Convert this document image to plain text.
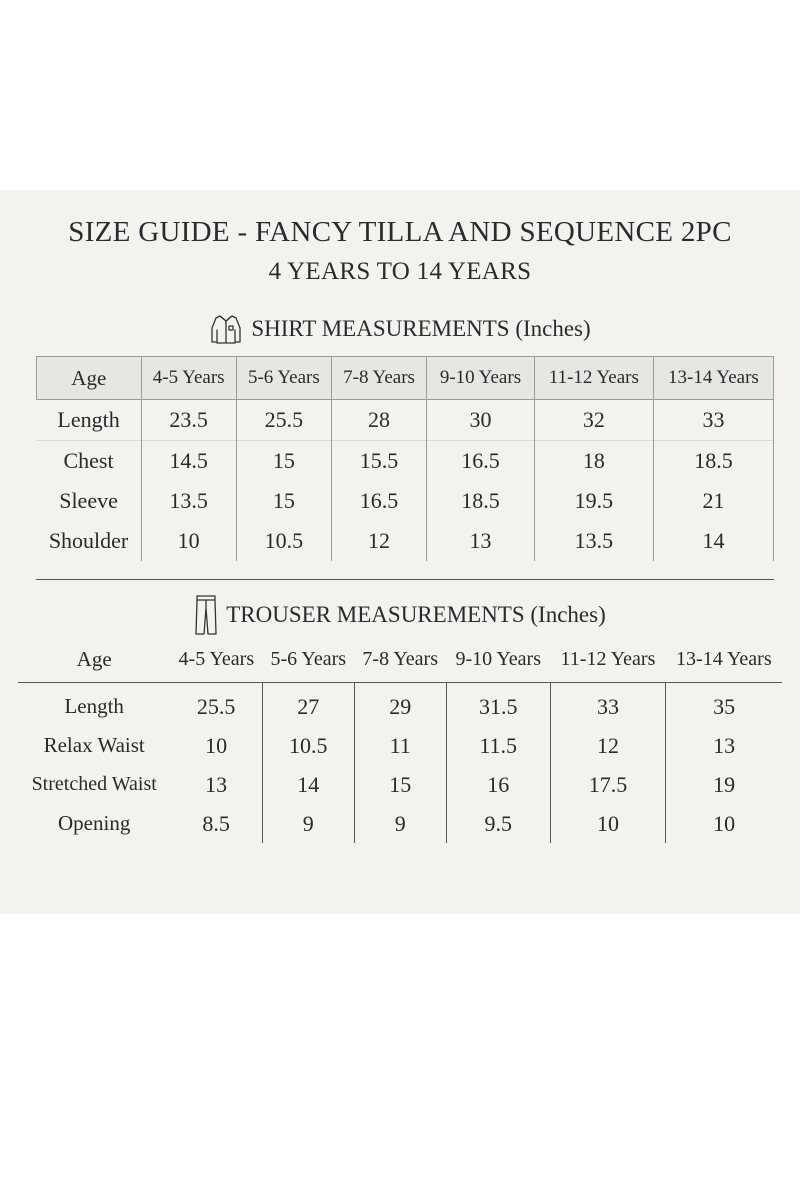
SIZE GUIDE - FANCY TILLA AND SEQUENCE 2PC
4 YEARS TO 14 YEARS
SHIRT MEASUREMENTS (Inches)
Age	4-5 Years	5-6 Years	7-8 Years	9-10 Years	11-12 Years	13-14 Years
Length	23.5	25.5	28	30	32	33
Chest	14.5	15	15.5	16.5	18	18.5
Sleeve	13.5	15	16.5	18.5	19.5	21
Shoulder	10	10.5	12	13	13.5	14
TROUSER MEASUREMENTS (Inches)
Age	4-5 Years	5-6 Years	7-8 Years	9-10 Years	11-12 Years	13-14 Years
Length	25.5	27	29	31.5	33	35
Relax Waist	10	10.5	11	11.5	12	13
Stretched Waist	13	14	15	16	17.5	19
Opening	8.5	9	9	9.5	10	10
